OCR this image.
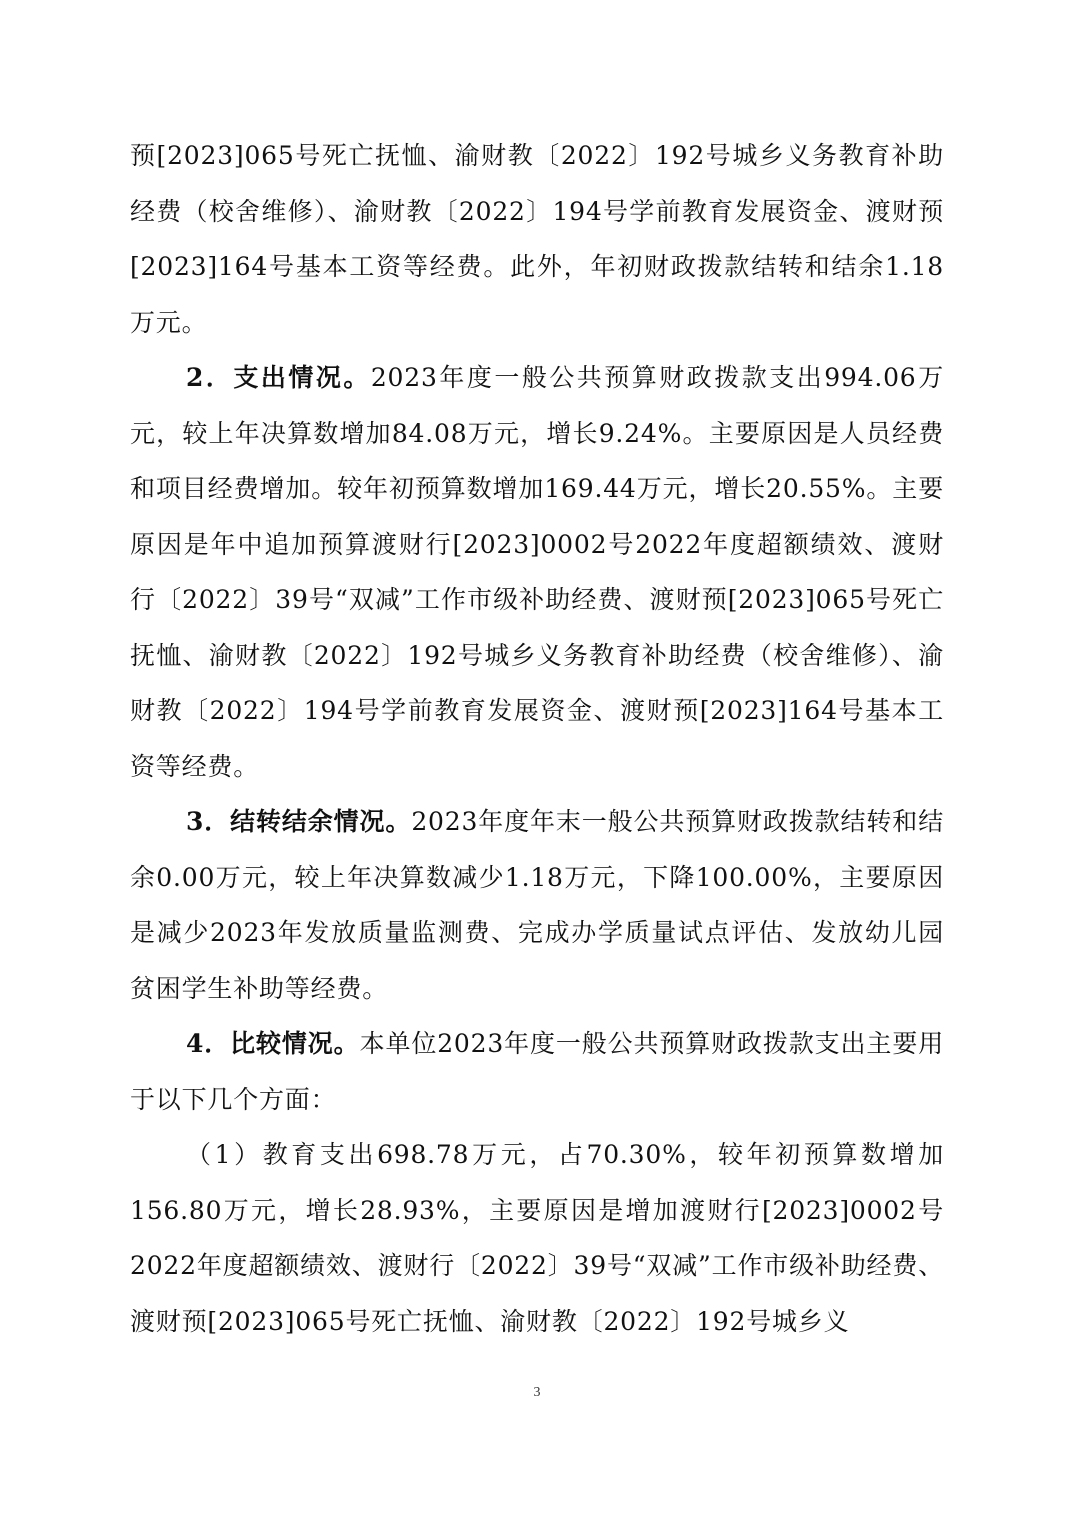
预[2023]065号死亡抚恤、渝财教〔2022〕192号城乡义务教育补助经费（校舍维修）、渝财教〔2022〕194号学前教育发展资金、渡财预[2023]164号基本工资等经费。此外，年初财政拨款结转和结余1.18万元。

2．支出情况。2023年度一般公共预算财政拨款支出994.06万元，较上年决算数增加84.08万元，增长9.24%。主要原因是人员经费和项目经费增加。较年初预算数增加169.44万元，增长20.55%。主要原因是年中追加预算渡财行[2023]0002号2022年度超额绩效、渡财行〔2022〕39号“双减”工作市级补助经费、渡财预[2023]065号死亡抚恤、渝财教〔2022〕192号城乡义务教育补助经费（校舍维修）、渝财教〔2022〕194号学前教育发展资金、渡财预[2023]164号基本工资等经费。

3．结转结余情况。2023年度年末一般公共预算财政拨款结转和结余0.00万元，较上年决算数减少1.18万元，下降100.00%，主要原因是减少2023年发放质量监测费、完成办学质量试点评估、发放幼儿园贫困学生补助等经费。

4．比较情况。本单位2023年度一般公共预算财政拨款支出主要用于以下几个方面：

（1）教育支出698.78万元，占70.30%，较年初预算数增加156.80万元，增长28.93%，主要原因是增加渡财行[2023]0002号2022年度超额绩效、渡财行〔2022〕39号“双减”工作市级补助经费、渡财预[2023]065号死亡抚恤、渝财教〔2022〕192号城乡义

3
